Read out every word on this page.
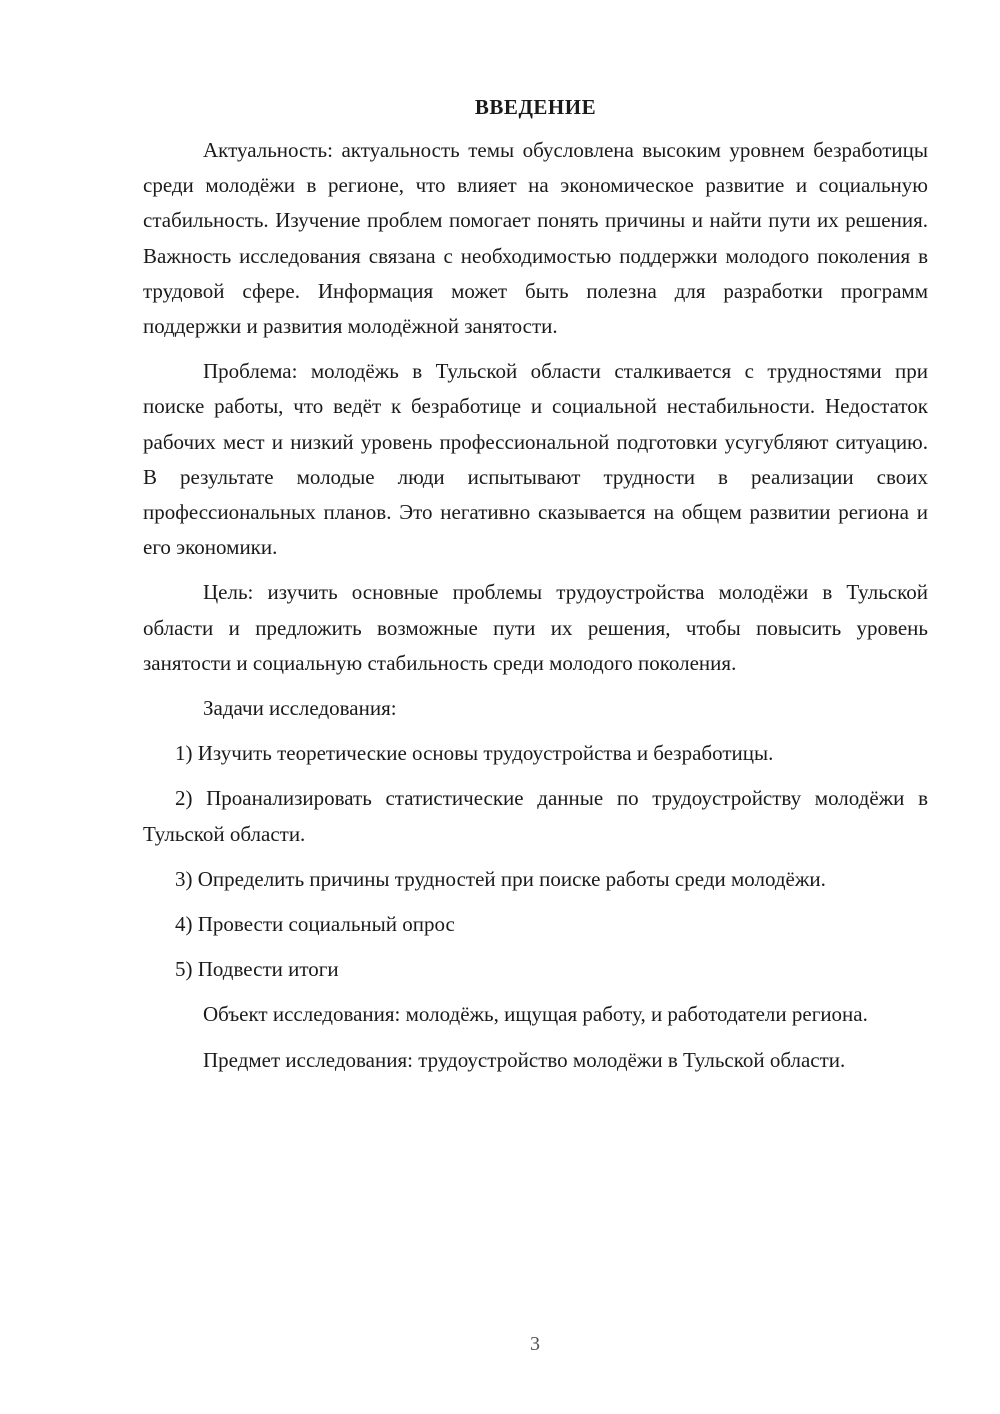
ВВЕДЕНИЕ

Актуальность: актуальность темы обусловлена высоким уровнем безработицы среди молодёжи в регионе, что влияет на экономическое развитие и социальную стабильность. Изучение проблем помогает понять причины и найти пути их решения. Важность исследования связана с необходимостью поддержки молодого поколения в трудовой сфере. Информация может быть полезна для разработки программ поддержки и развития молодёжной занятости.

Проблема: молодёжь в Тульской области сталкивается с трудностями при поиске работы, что ведёт к безработице и социальной нестабильности. Недостаток рабочих мест и низкий уровень профессиональной подготовки усугубляют ситуацию. В результате молодые люди испытывают трудности в реализации своих профессиональных планов. Это негативно сказывается на общем развитии региона и его экономики.

Цель: изучить основные проблемы трудоустройства молодёжи в Тульской области и предложить возможные пути их решения, чтобы повысить уровень занятости и социальную стабильность среди молодого поколения.

Задачи исследования:

1) Изучить теоретические основы трудоустройства и безработицы.

2) Проанализировать статистические данные по трудоустройству молодёжи в Тульской области.

3) Определить причины трудностей при поиске работы среди молодёжи.

4) Провести социальный опрос

5) Подвести итоги

Объект исследования: молодёжь, ищущая работу, и работодатели региона.

Предмет исследования: трудоустройство молодёжи в Тульской области.

3
